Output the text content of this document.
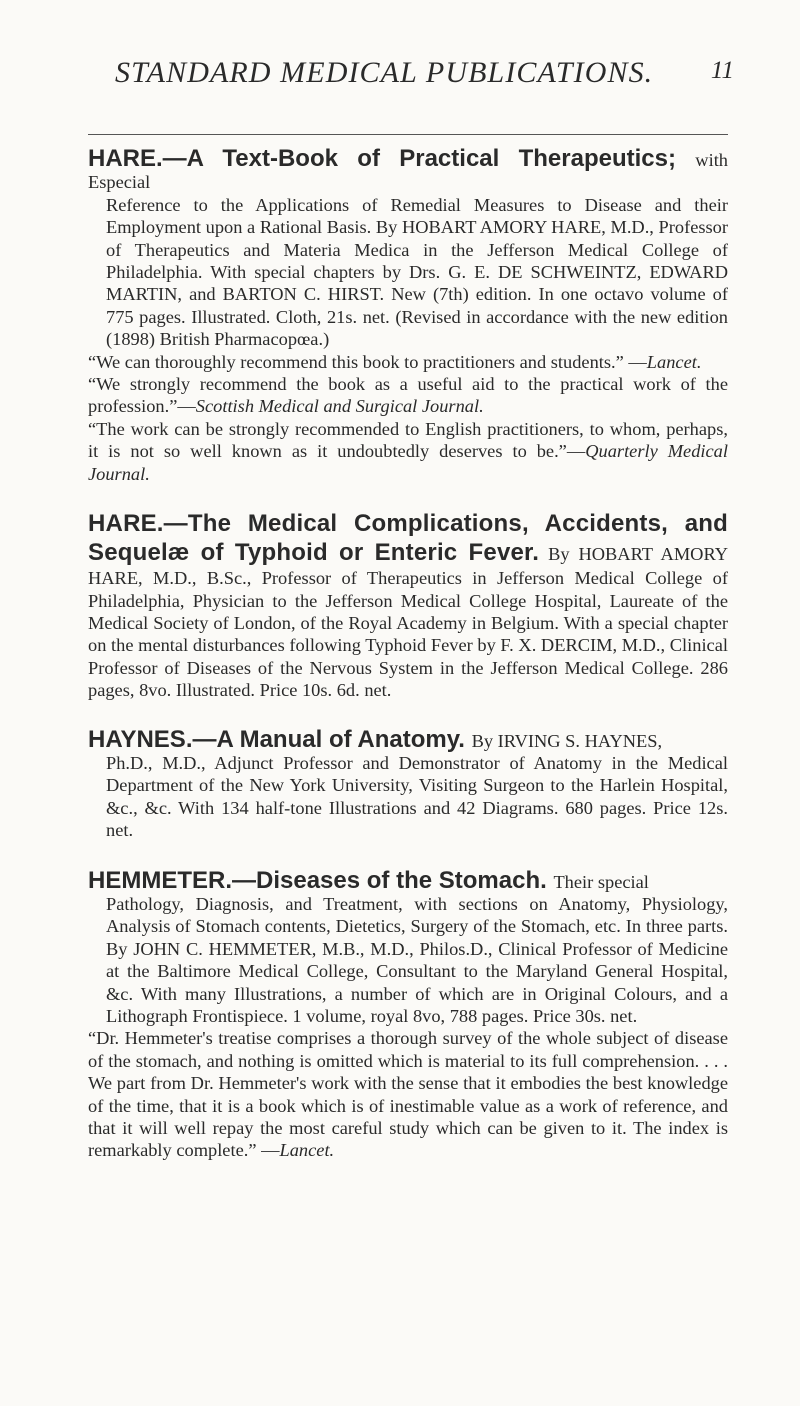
STANDARD MEDICAL PUBLICATIONS. 11

HARE.—A Text-Book of Practical Therapeutics; with Especial

Reference to the Applications of Remedial Measures to Disease and their Employment upon a Rational Basis. By HOBART AMORY HARE, M.D., Professor of Therapeutics and Materia Medica in the Jefferson Medical College of Philadelphia. With special chapters by Drs. G. E. DE SCHWEINTZ, EDWARD MARTIN, and BARTON C. HIRST. New (7th) edition. In one octavo volume of 775 pages. Illustrated. Cloth, 21s. net. (Revised in accordance with the new edition (1898) British Pharmacopœa.)

“We can thoroughly recommend this book to practitioners and students.” —Lancet.

“We strongly recommend the book as a useful aid to the practical work of the profession.”—Scottish Medical and Surgical Journal.

“The work can be strongly recommended to English practitioners, to whom, perhaps, it is not so well known as it undoubtedly deserves to be.”—Quarterly Medical Journal.

HARE.—The Medical Complications, Accidents, and Sequelæ of Typhoid or Enteric Fever. By HOBART AMORY HARE, M.D., B.Sc., Professor of Therapeutics in Jefferson Medical College of Philadelphia, Physician to the Jefferson Medical College Hospital, Laureate of the Medical Society of London, of the Royal Academy in Belgium. With a special chapter on the mental disturbances following Typhoid Fever by F. X. DERCIM, M.D., Clinical Professor of Diseases of the Nervous System in the Jefferson Medical College. 286 pages, 8vo. Illustrated. Price 10s. 6d. net.

HAYNES.—A Manual of Anatomy. By IRVING S. HAYNES,

Ph.D., M.D., Adjunct Professor and Demonstrator of Anatomy in the Medical Department of the New York University, Visiting Surgeon to the Harlein Hospital, &c., &c. With 134 half-tone Illustrations and 42 Diagrams. 680 pages. Price 12s. net.

HEMMETER.—Diseases of the Stomach. Their special

Pathology, Diagnosis, and Treatment, with sections on Anatomy, Physiology, Analysis of Stomach contents, Dietetics, Surgery of the Stomach, etc. In three parts. By JOHN C. HEMMETER, M.B., M.D., Philos.D., Clinical Professor of Medicine at the Baltimore Medical College, Consultant to the Maryland General Hospital, &c. With many Illustrations, a number of which are in Original Colours, and a Lithograph Frontispiece. 1 volume, royal 8vo, 788 pages. Price 30s. net.

“Dr. Hemmeter's treatise comprises a thorough survey of the whole subject of disease of the stomach, and nothing is omitted which is material to its full comprehension. . . . We part from Dr. Hemmeter's work with the sense that it embodies the best knowledge of the time, that it is a book which is of inestimable value as a work of reference, and that it will well repay the most careful study which can be given to it. The index is remarkably complete.” —Lancet.
